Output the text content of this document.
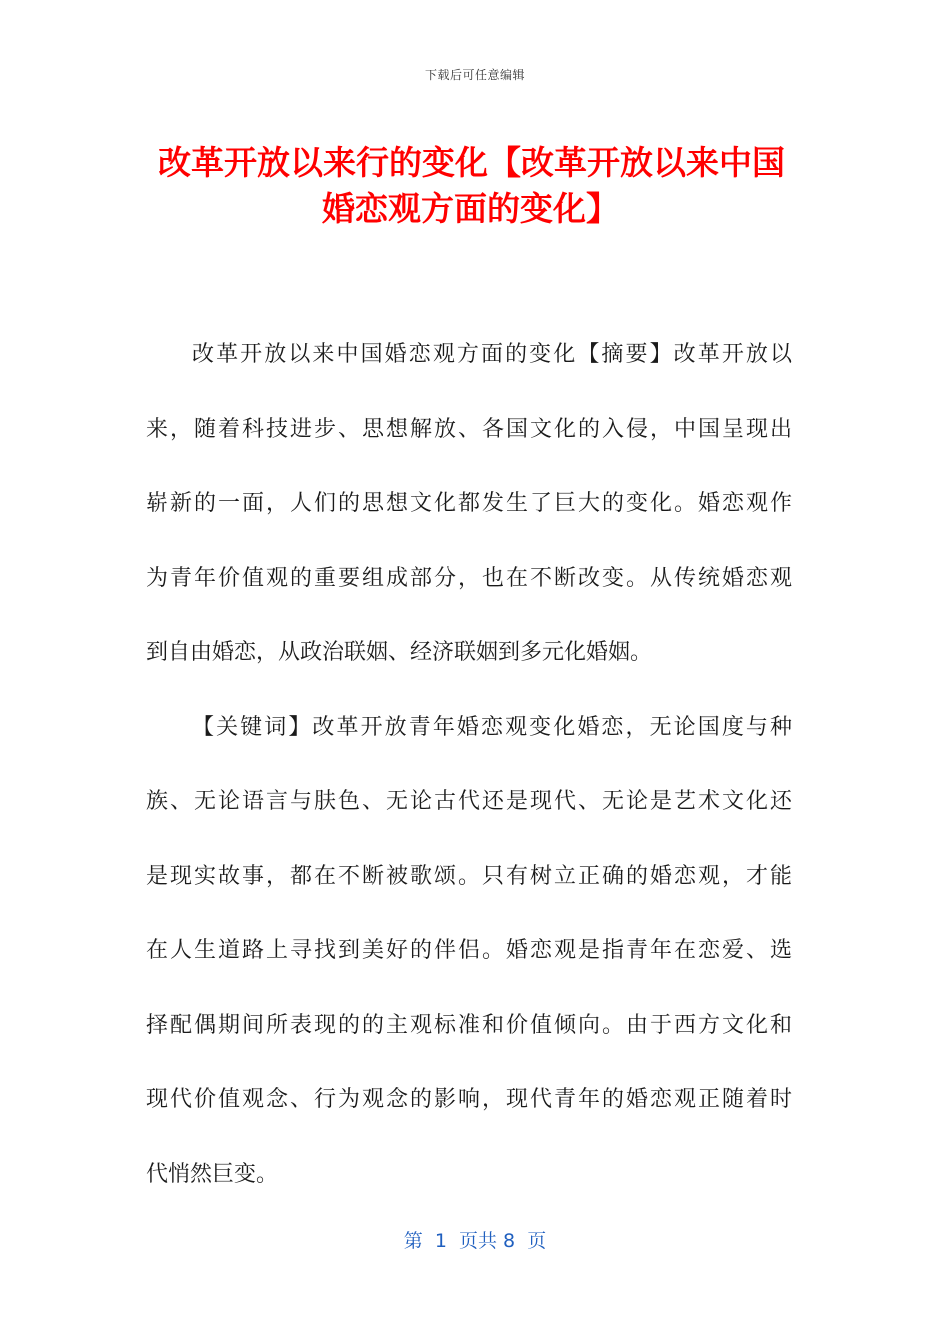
下载后可任意编辑
改革开放以来行的变化【改革开放以来中国
婚恋观方面的变化】
改革开放以来中国婚恋观方面的变化【摘要】改革开放以
来，随着科技进步、思想解放、各国文化的入侵，中国呈现出
崭新的一面，人们的思想文化都发生了巨大的变化。婚恋观作
为青年价值观的重要组成部分，也在不断改变。从传统婚恋观
到自由婚恋，从政治联姻、经济联姻到多元化婚姻。
【关键词】改革开放青年婚恋观变化婚恋，无论国度与种
族、无论语言与肤色、无论古代还是现代、无论是艺术文化还
是现实故事，都在不断被歌颂。只有树立正确的婚恋观，才能
在人生道路上寻找到美好的伴侣。婚恋观是指青年在恋爱、选
择配偶期间所表现的的主观标准和价值倾向。由于西方文化和
现代价值观念、行为观念的影响，现代青年的婚恋观正随着时
代悄然巨变。
第  1  页共 8  页
